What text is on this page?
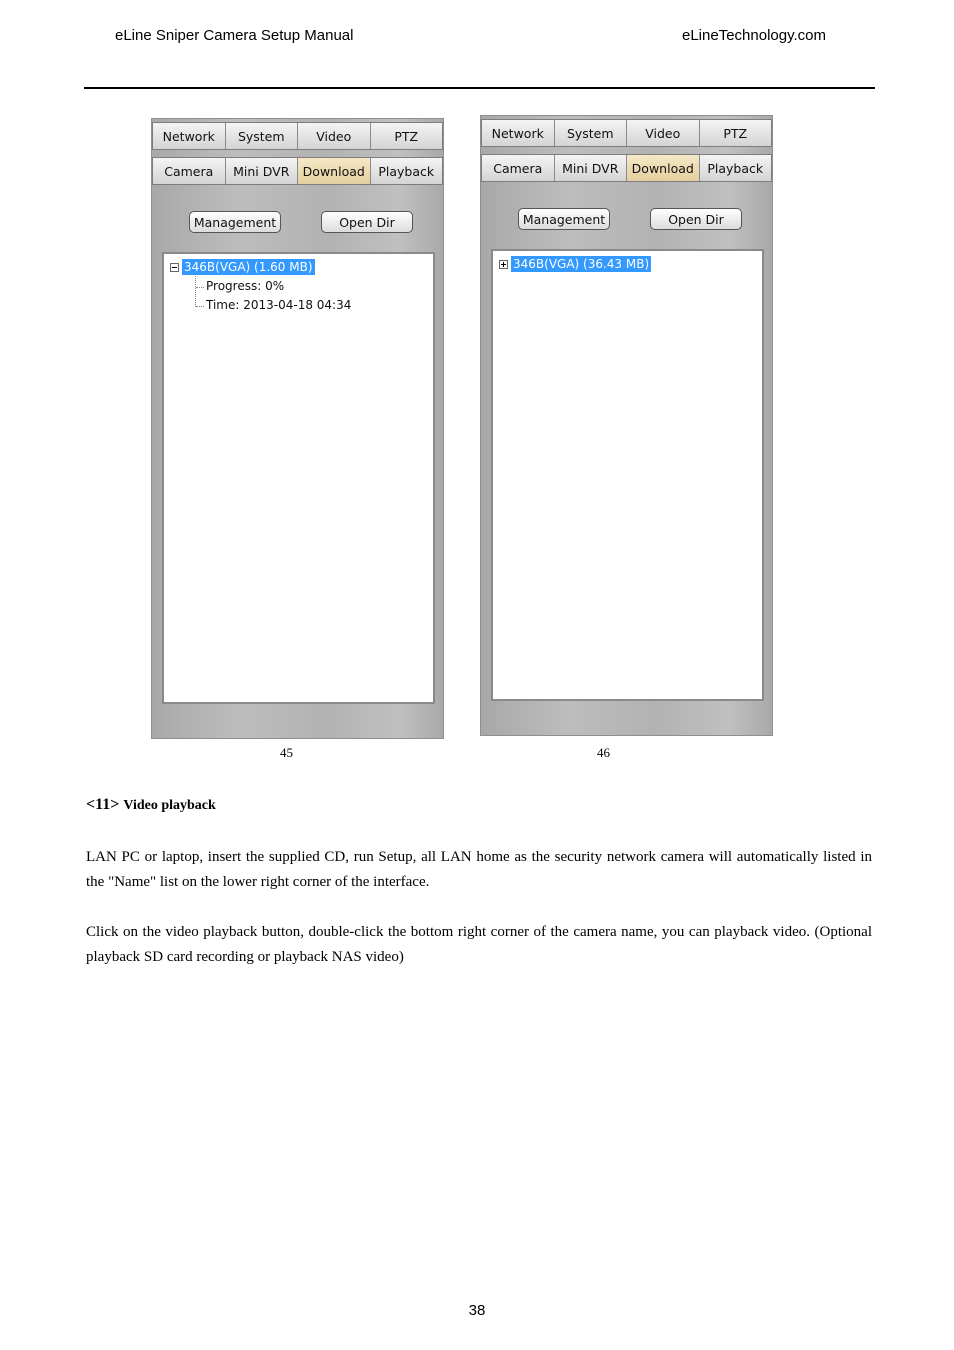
eLine Sniper Camera Setup Manual	eLineTechnology.com
Network	System	Video	PTZ
Camera	Mini DVR	Download	Playback
Management	Open Dir
346B(VGA) (1.60 MB)
Progress: 0%
Time: 2013-04-18 04:34
45
Network	System	Video	PTZ
Camera	Mini DVR	Download	Playback
Management	Open Dir
346B(VGA) (36.43 MB)
46
<11> Video playback
LAN PC or laptop, insert the supplied CD, run Setup, all LAN home as the security network camera will automatically listed in the "Name" list on the lower right corner of the interface.
Click on the video playback button, double-click the bottom right corner of the camera name, you can playback video. (Optional playback SD card recording or playback NAS video)
38
